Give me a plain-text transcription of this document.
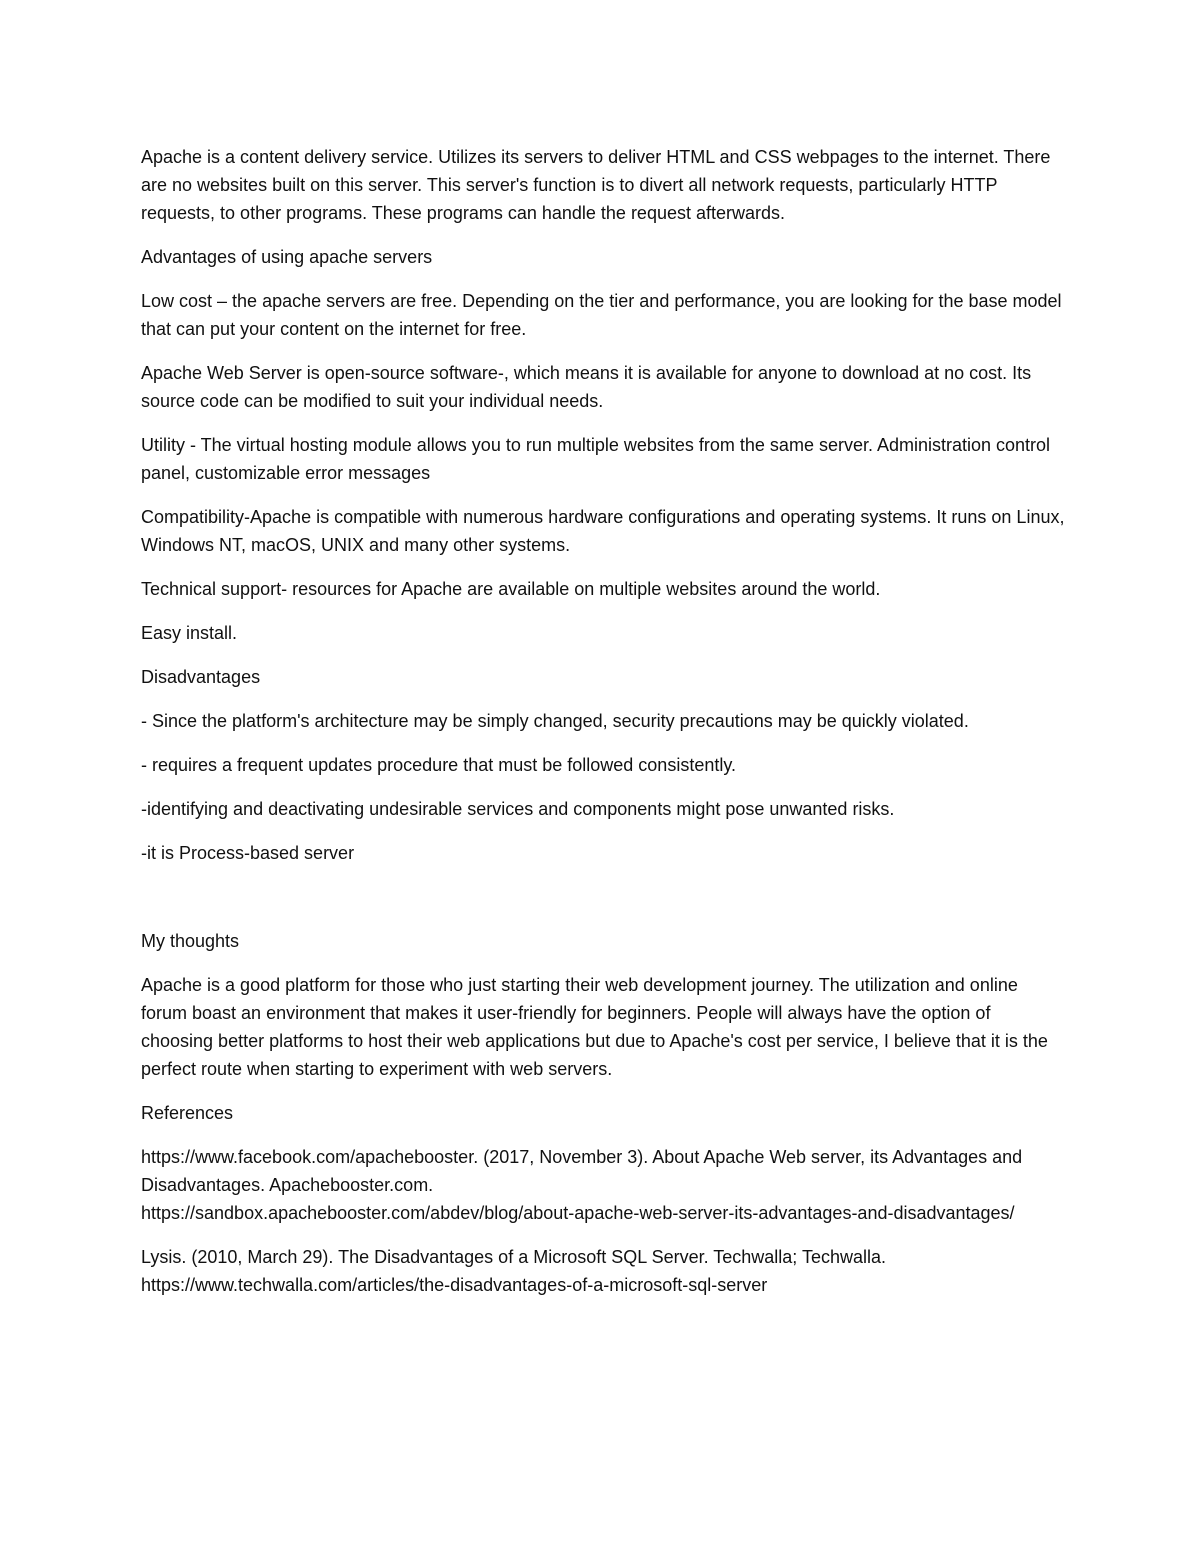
Apache is a content delivery service. Utilizes its servers to deliver HTML and CSS webpages to the internet. There are no websites built on this server. This server's function is to divert all network requests, particularly HTTP requests, to other programs. These programs can handle the request afterwards.

Advantages of using apache servers

Low cost – the apache servers are free. Depending on the tier and performance, you are looking for the base model that can put your content on the internet for free.

Apache Web Server is open-source software-, which means it is available for anyone to download at no cost. Its source code can be modified to suit your individual needs.

Utility - The virtual hosting module allows you to run multiple websites from the same server. Administration control panel, customizable error messages

Compatibility-Apache is compatible with numerous hardware configurations and operating systems. It runs on Linux, Windows NT, macOS, UNIX and many other systems.

Technical support- resources for Apache are available on multiple websites around the world.

Easy install.

Disadvantages

- Since the platform's architecture may be simply changed, security precautions may be quickly violated.

- requires a frequent updates procedure that must be followed consistently.

-identifying and deactivating undesirable services and components might pose unwanted risks.

-it is Process-based server

My thoughts

Apache is a good platform for those who just starting their web development journey. The utilization and online forum boast an environment that makes it user-friendly for beginners. People will always have the option of choosing better platforms to host their web applications but due to Apache's cost per service, I believe that it is the perfect route when starting to experiment with web servers.

References

https://www.facebook.com/apachebooster. (2017, November 3). About Apache Web server, its Advantages and Disadvantages. Apachebooster.com.
https://sandbox.apachebooster.com/abdev/blog/about-apache-web-server-its-advantages-and-disadvantages/

Lysis. (2010, March 29). The Disadvantages of a Microsoft SQL Server. Techwalla; Techwalla.
https://www.techwalla.com/articles/the-disadvantages-of-a-microsoft-sql-server
